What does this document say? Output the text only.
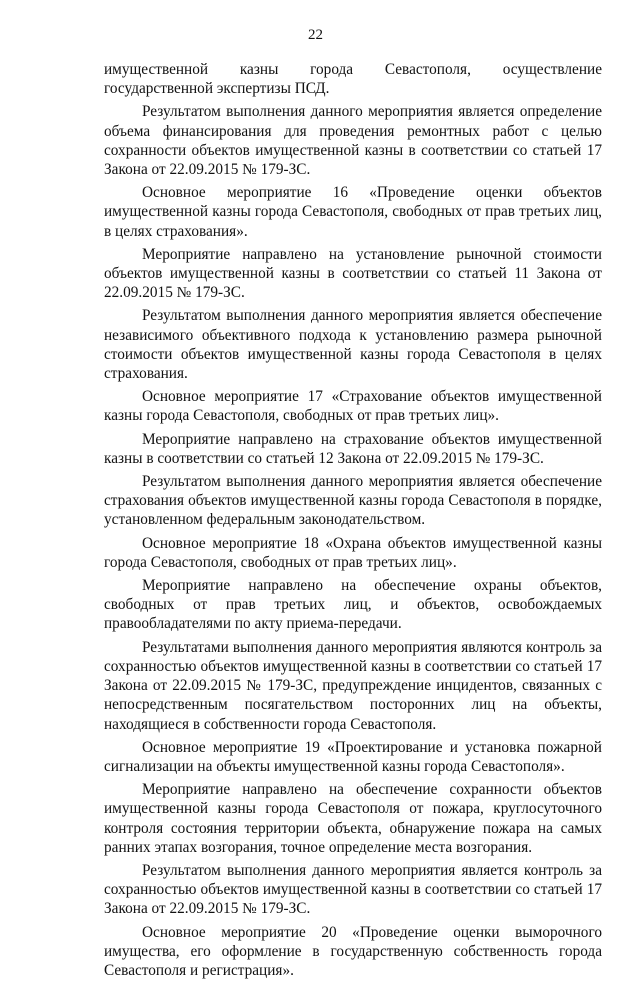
22

имущественной казны города Севастополя, осуществление государственной экспертизы ПСД.

Результатом выполнения данного мероприятия является определение объема финансирования для проведения ремонтных работ с целью сохранности объектов имущественной казны в соответствии со статьей 17 Закона от 22.09.2015 № 179-ЗС.

Основное мероприятие 16 «Проведение оценки объектов имущественной казны города Севастополя, свободных от прав третьих лиц, в целях страхования».

Мероприятие направлено на установление рыночной стоимости объектов имущественной казны в соответствии со статьей 11 Закона от 22.09.2015 № 179-ЗС.

Результатом выполнения данного мероприятия является обеспечение независимого объективного подхода к установлению размера рыночной стоимости объектов имущественной казны города Севастополя в целях страхования.

Основное мероприятие 17 «Страхование объектов имущественной казны города Севастополя, свободных от прав третьих лиц».

Мероприятие направлено на страхование объектов имущественной казны в соответствии со статьей 12 Закона от 22.09.2015 № 179-ЗС.

Результатом выполнения данного мероприятия является обеспечение страхования объектов имущественной казны города Севастополя в порядке, установленном федеральным законодательством.

Основное мероприятие 18 «Охрана объектов имущественной казны города Севастополя, свободных от прав третьих лиц».

Мероприятие направлено на обеспечение охраны объектов, свободных от прав третьих лиц, и объектов, освобождаемых правообладателями по акту приема-передачи.

Результатами выполнения данного мероприятия являются контроль за сохранностью объектов имущественной казны в соответствии со статьей 17 Закона от 22.09.2015 № 179-ЗС, предупреждение инцидентов, связанных с непосредственным посягательством посторонних лиц на объекты, находящиеся в собственности города Севастополя.

Основное мероприятие 19 «Проектирование и установка пожарной сигнализации на объекты имущественной казны города Севастополя».

Мероприятие направлено на обеспечение сохранности объектов имущественной казны города Севастополя от пожара, круглосуточного контроля состояния территории объекта, обнаружение пожара на самых ранних этапах возгорания, точное определение места возгорания.

Результатом выполнения данного мероприятия является контроль за сохранностью объектов имущественной казны в соответствии со статьей 17 Закона от 22.09.2015 № 179-ЗС.

Основное мероприятие 20 «Проведение оценки выморочного имущества, его оформление в государственную собственность города Севастополя и регистрация».
